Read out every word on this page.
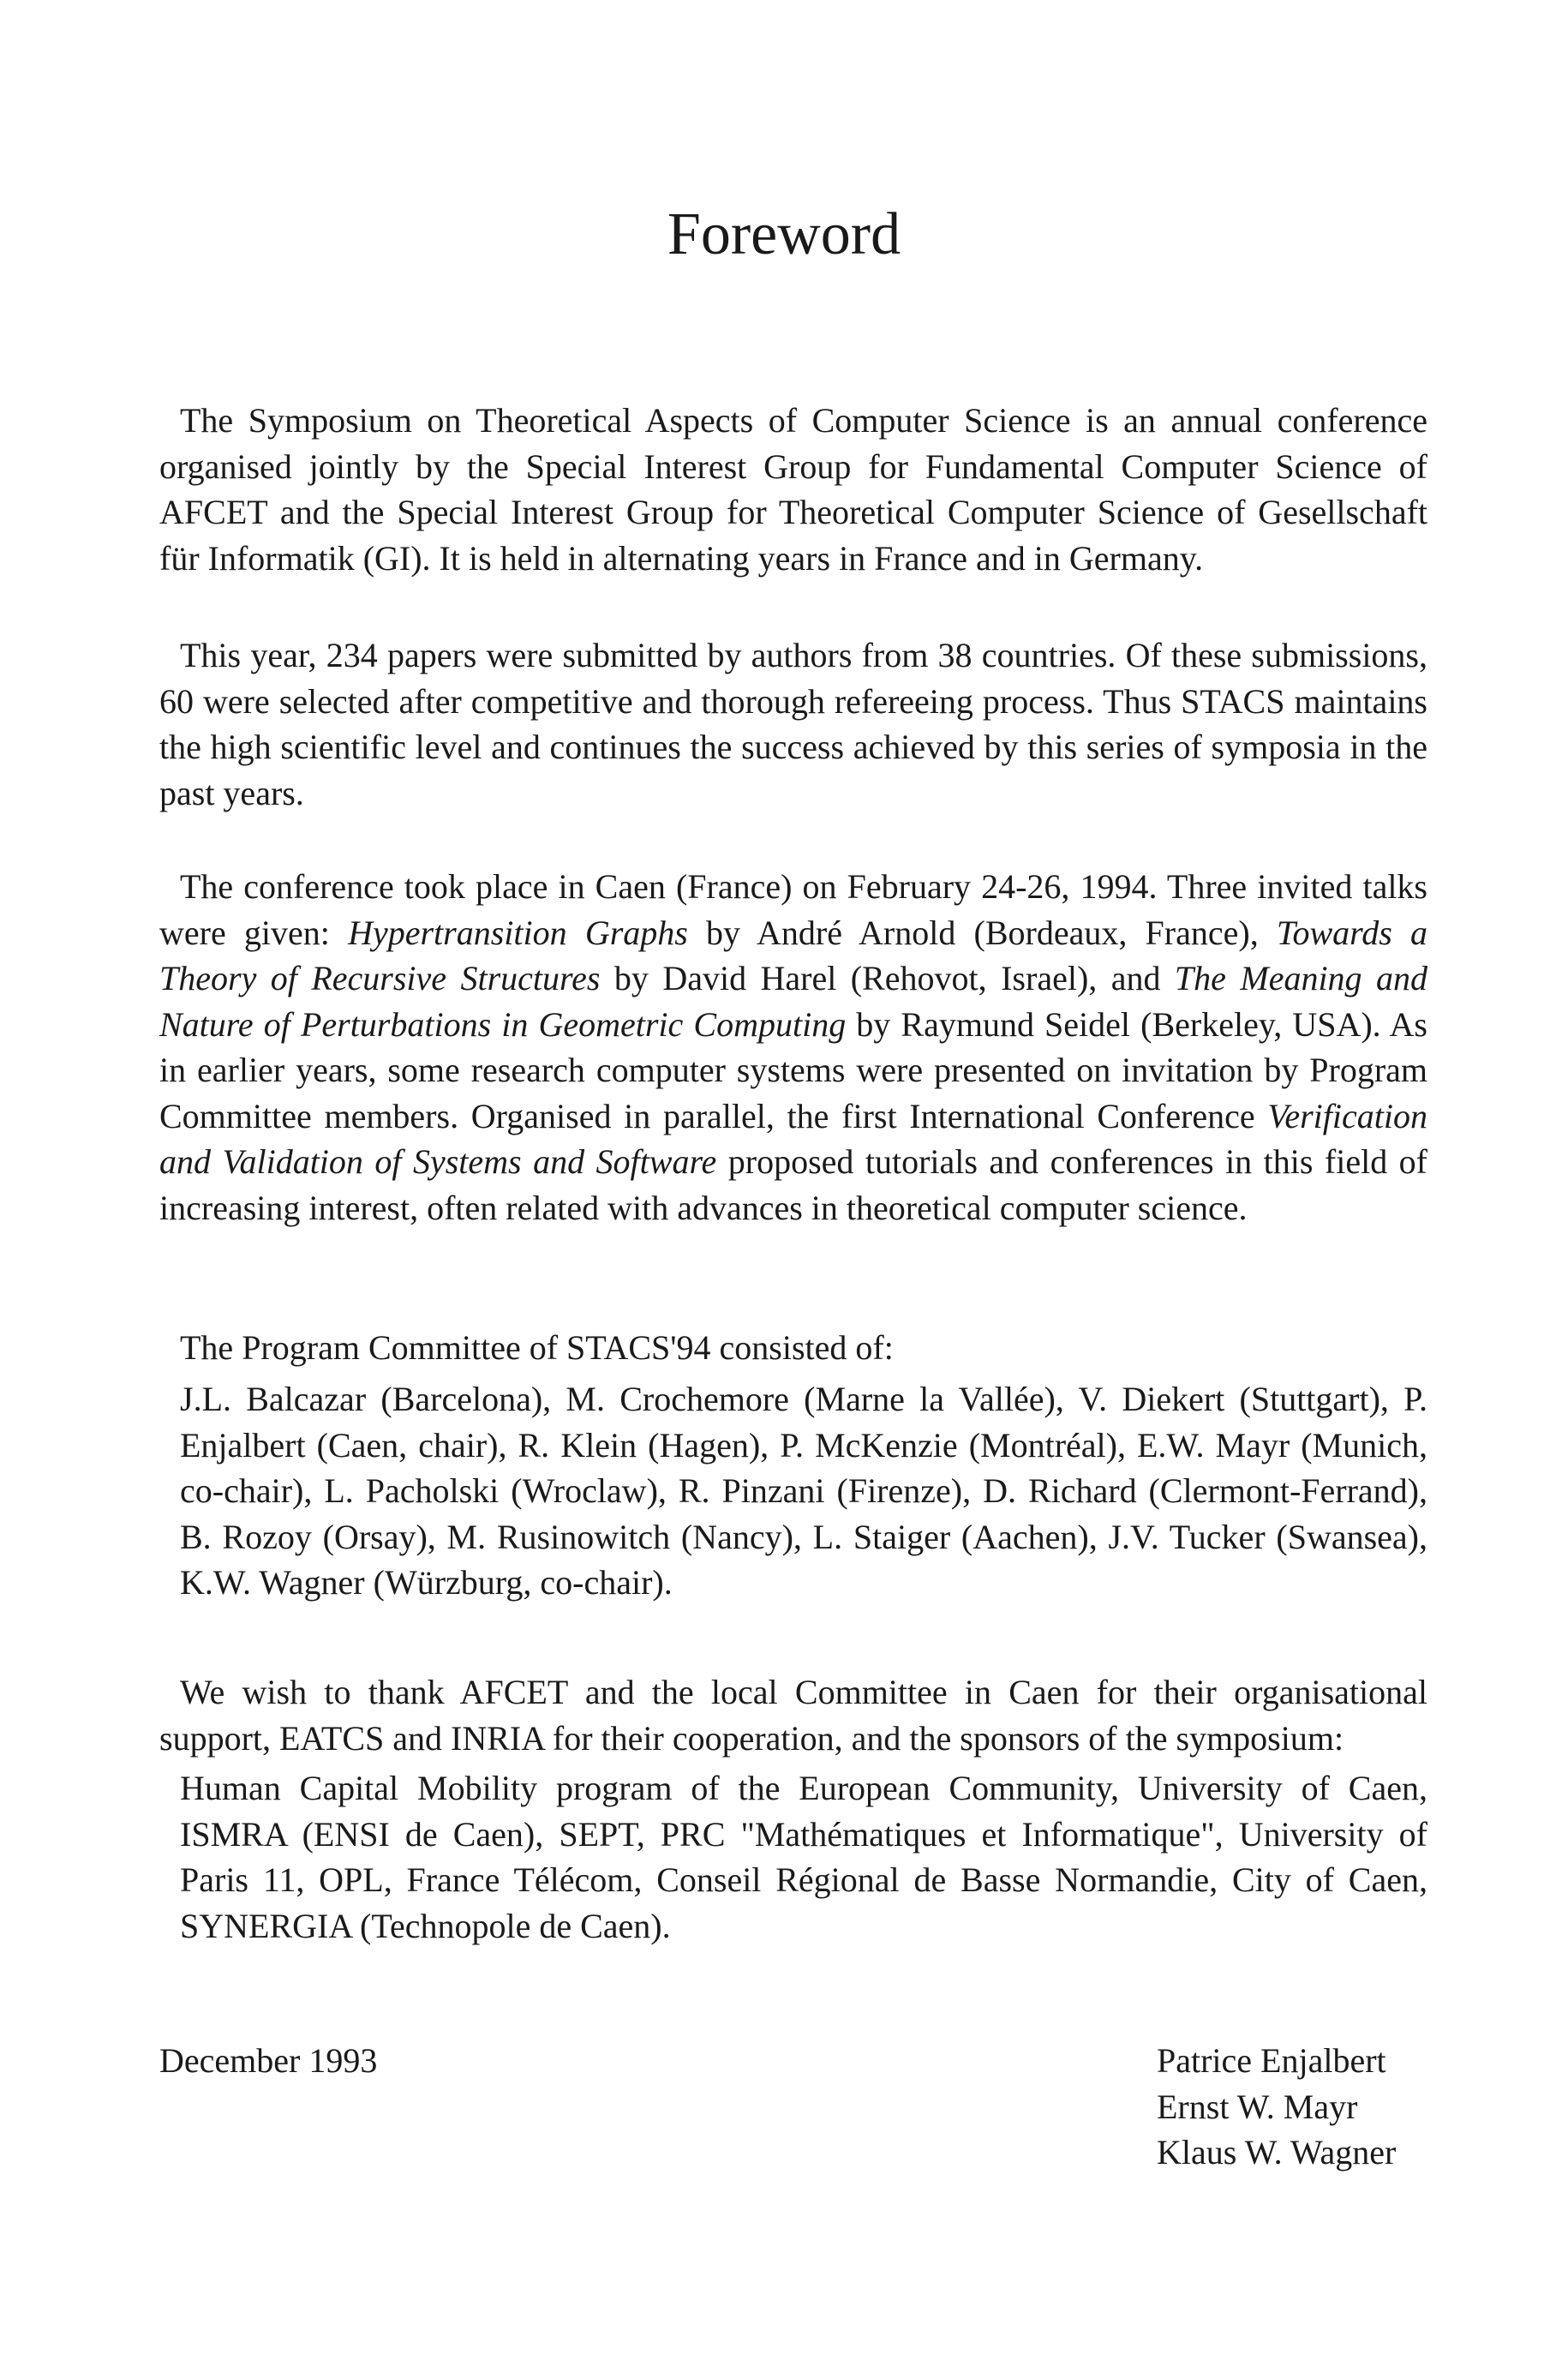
Foreword

The Symposium on Theoretical Aspects of Computer Science is an annual conference organised jointly by the Special Interest Group for Fundamental Computer Science of AFCET and the Special Interest Group for Theoretical Computer Science of Gesellschaft für Informatik (GI). It is held in alternating years in France and in Germany.

This year, 234 papers were submitted by authors from 38 countries. Of these submissions, 60 were selected after competitive and thorough refereeing process. Thus STACS maintains the high scientific level and continues the success achieved by this series of symposia in the past years.

The conference took place in Caen (France) on February 24-26, 1994. Three invited talks were given: Hypertransition Graphs by André Arnold (Bordeaux, France), Towards a Theory of Recursive Structures by David Harel (Rehovot, Israel), and The Meaning and Nature of Perturbations in Geometric Computing by Raymund Seidel (Berkeley, USA). As in earlier years, some research computer systems were presented on invitation by Program Committee members. Organised in parallel, the first International Conference Verification and Validation of Systems and Software proposed tutorials and conferences in this field of increasing interest, often related with advances in theoretical computer science.

The Program Committee of STACS'94 consisted of:

J.L. Balcazar (Barcelona), M. Crochemore (Marne la Vallée), V. Diekert (Stuttgart), P. Enjalbert (Caen, chair), R. Klein (Hagen), P. McKenzie (Montréal), E.W. Mayr (Munich, co-chair), L. Pacholski (Wroclaw), R. Pinzani (Firenze), D. Richard (Clermont-Ferrand), B. Rozoy (Orsay), M. Rusinowitch (Nancy), L. Staiger (Aachen), J.V. Tucker (Swansea), K.W. Wagner (Würzburg, co-chair).

We wish to thank AFCET and the local Committee in Caen for their organisational support, EATCS and INRIA for their cooperation, and the sponsors of the symposium:

Human Capital Mobility program of the European Community, University of Caen, ISMRA (ENSI de Caen), SEPT, PRC "Mathématiques et Informatique", University of Paris 11, OPL, France Télécom, Conseil Régional de Basse Normandie, City of Caen, SYNERGIA (Technopole de Caen).

December 1993	Patrice Enjalbert
Ernst W. Mayr
Klaus W. Wagner
